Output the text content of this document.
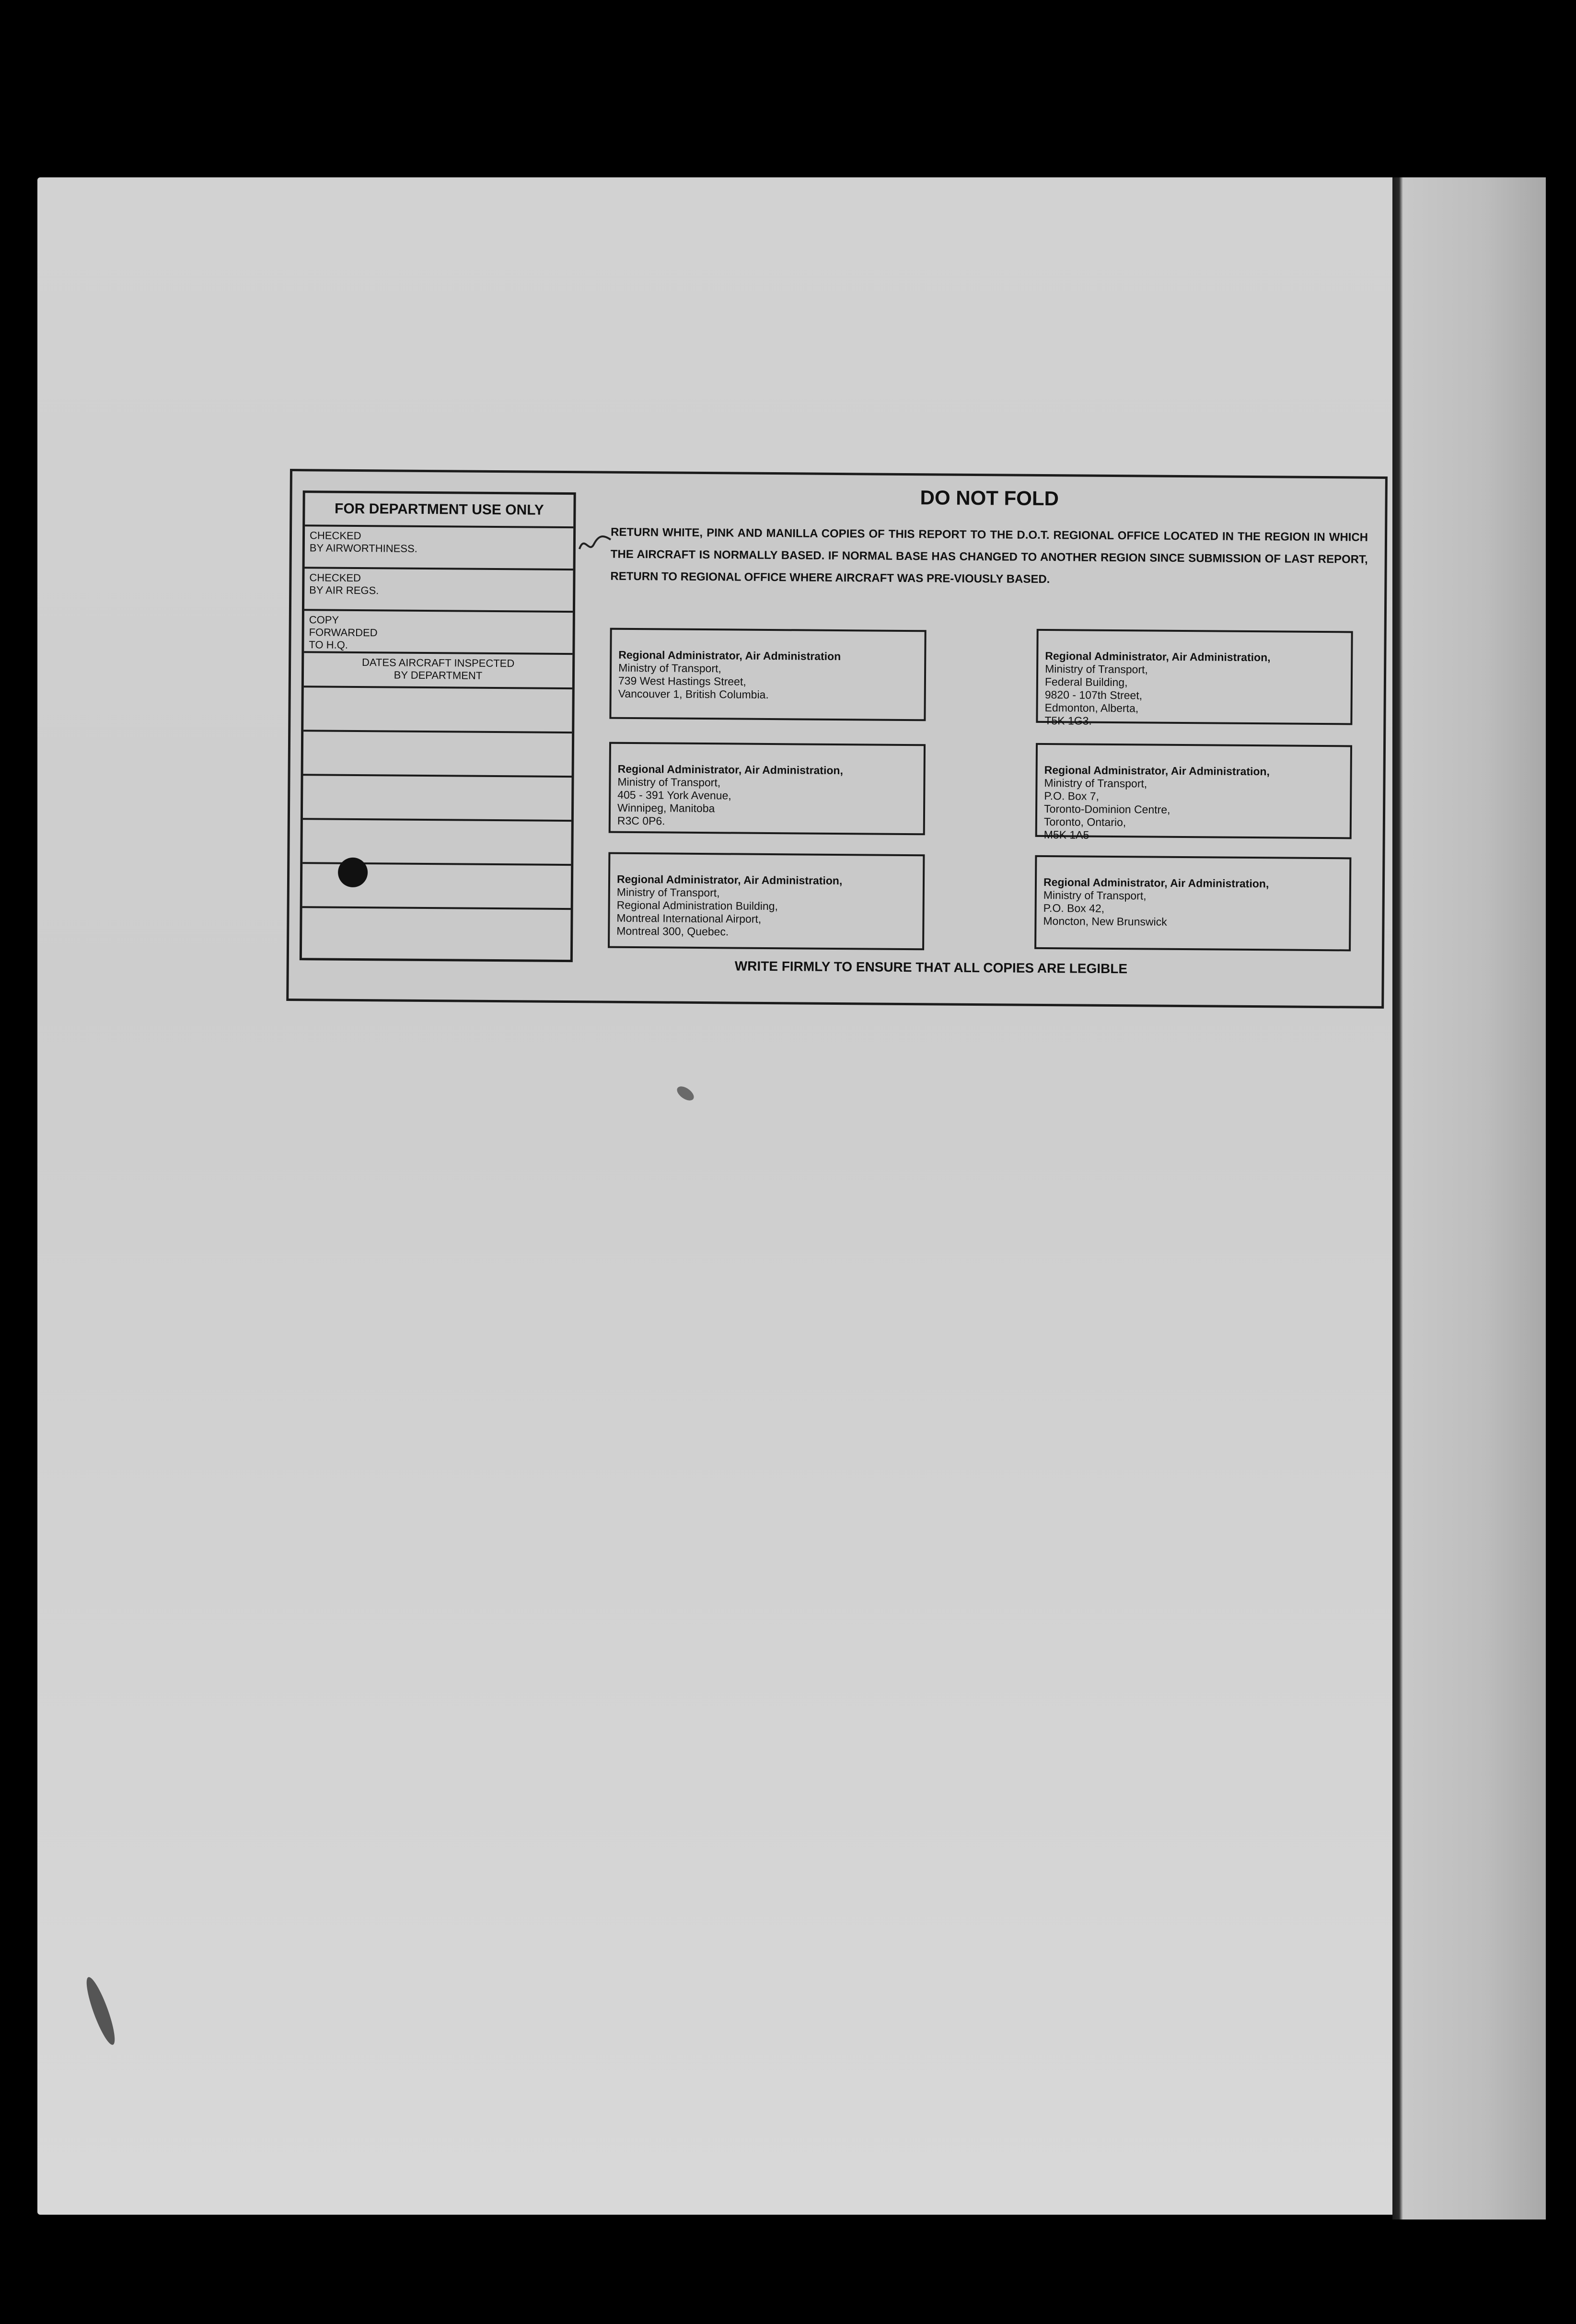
FOR DEPARTMENT USE ONLY
CHECKED
BY AIRWORTHINESS.
CHECKED
BY AIR REGS.
COPY
FORWARDED
TO H.Q.
DATES AIRCRAFT INSPECTED
BY DEPARTMENT
DO NOT FOLD
RETURN WHITE, PINK AND MANILLA COPIES OF THIS REPORT TO THE D.O.T. REGIONAL OFFICE LOCATED IN THE REGION IN WHICH THE AIRCRAFT IS NORMALLY BASED. IF NORMAL BASE HAS CHANGED TO ANOTHER REGION SINCE SUBMISSION OF LAST REPORT, RETURN TO REGIONAL OFFICE WHERE AIRCRAFT WAS PRE-VIOUSLY BASED.

Regional Administrator, Air Administration
Ministry of Transport,
739 West Hastings Street,
Vancouver 1, British Columbia.

Regional Administrator, Air Administration,
Ministry of Transport,
405 - 391 York Avenue,
Winnipeg, Manitoba
R3C 0P6.

Regional Administrator, Air Administration,
Ministry of Transport,
Regional Administration Building,
Montreal International Airport,
Montreal 300, Quebec.

Regional Administrator, Air Administration,
Ministry of Transport,
Federal Building,
9820 - 107th Street,
Edmonton, Alberta,
T5K 1G3.

Regional Administrator, Air Administration,
Ministry of Transport,
P.O. Box 7,
Toronto-Dominion Centre,
Toronto, Ontario,
M5K 1A5

Regional Administrator, Air Administration,
Ministry of Transport,
P.O. Box 42,
Moncton, New Brunswick

WRITE FIRMLY TO ENSURE THAT ALL COPIES ARE LEGIBLE
